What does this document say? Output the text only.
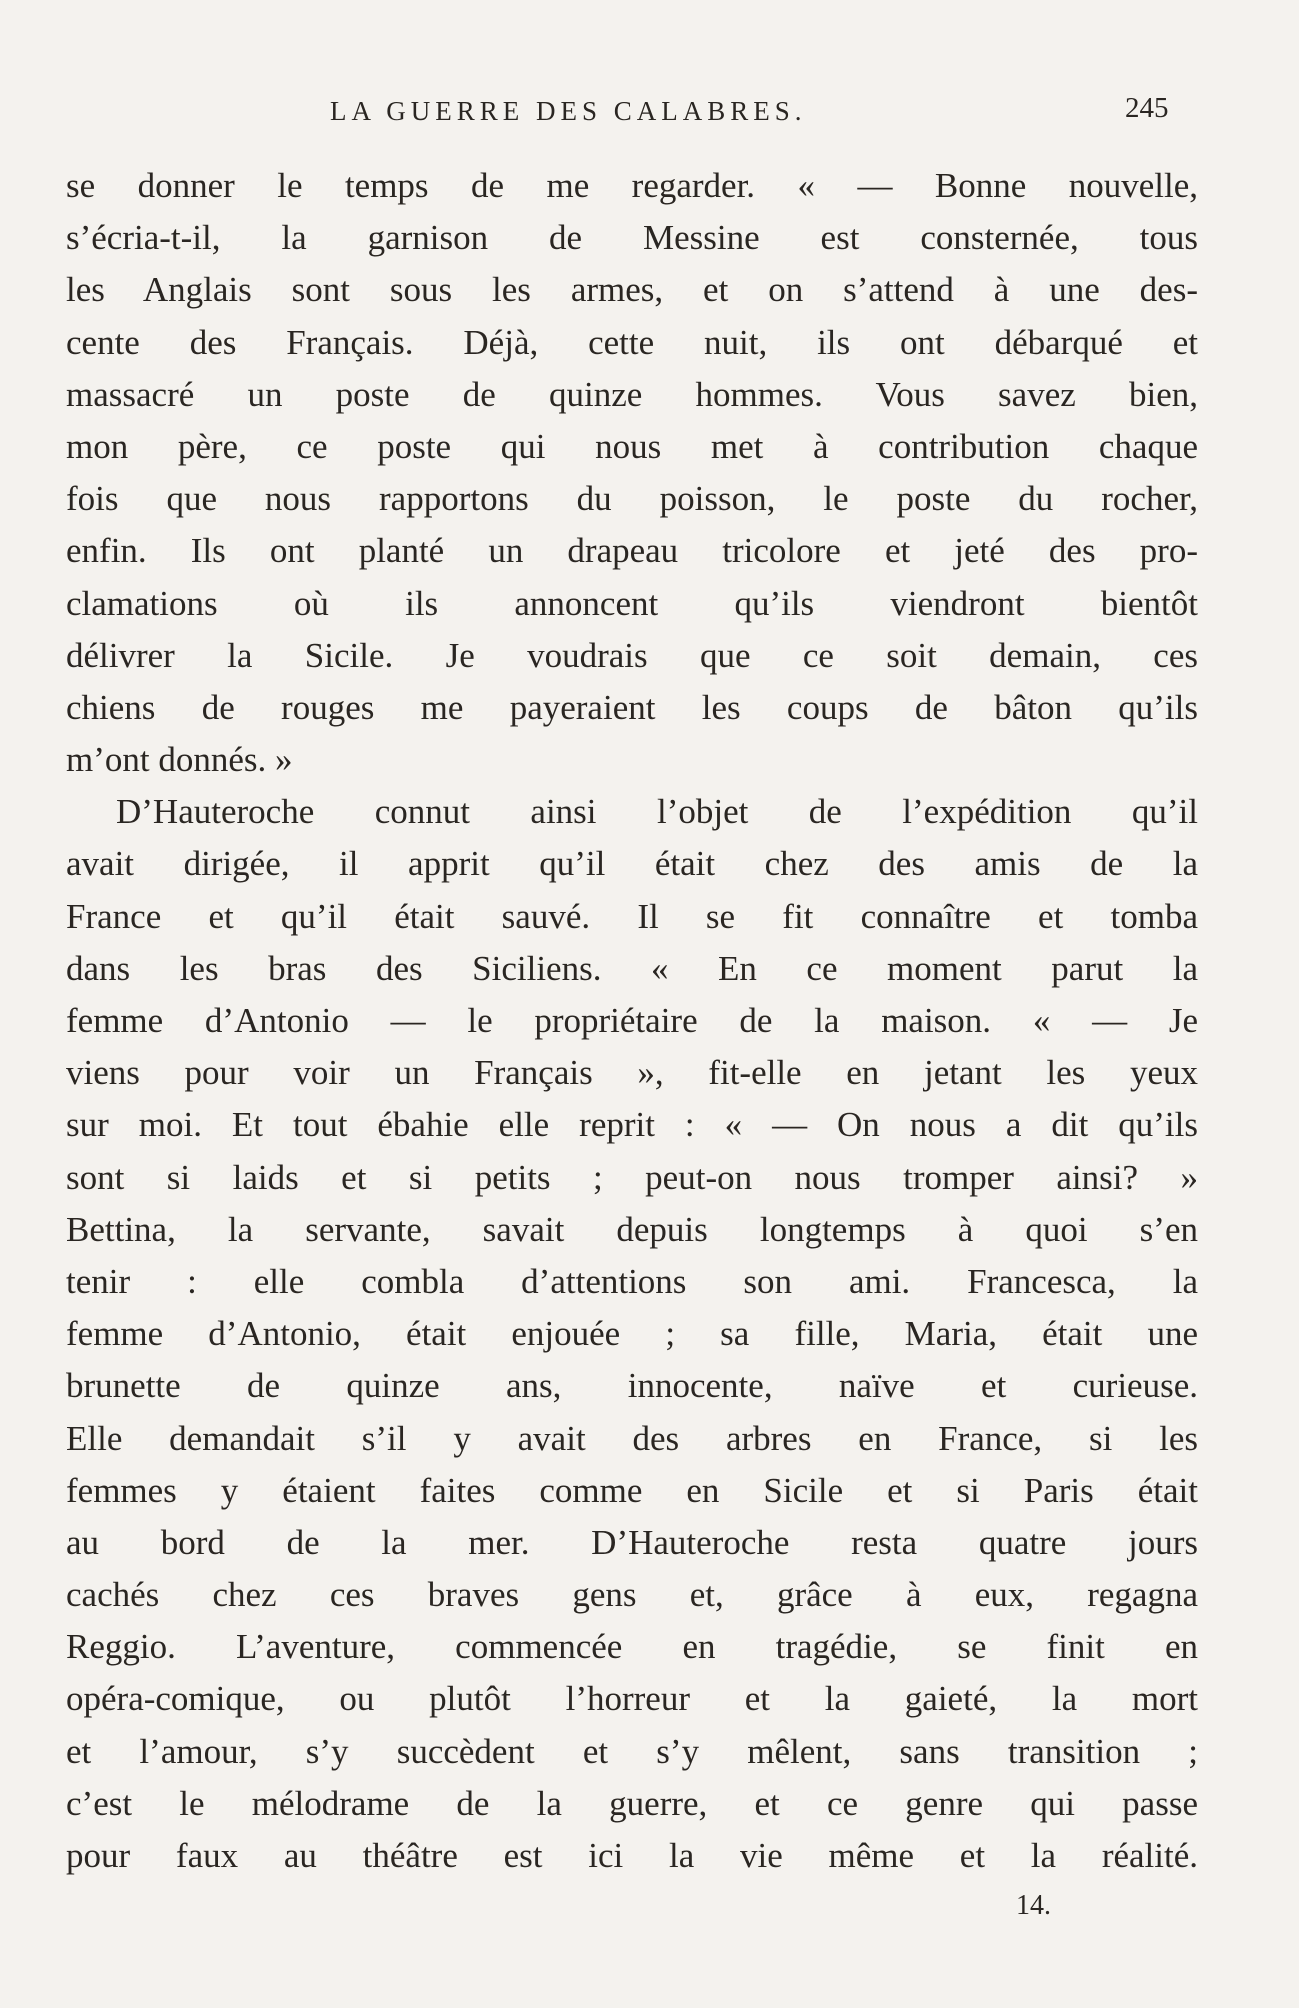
LA GUERRE DES CALABRES.	245
se donner le temps de me regarder. « — Bonne nouvelle,
s’écria-t-il, la garnison de Messine est consternée, tous
les Anglais sont sous les armes, et on s’attend à une des-
cente des Français. Déjà, cette nuit, ils ont débarqué et
massacré un poste de quinze hommes. Vous savez bien,
mon père, ce poste qui nous met à contribution chaque
fois que nous rapportons du poisson, le poste du rocher,
enfin. Ils ont planté un drapeau tricolore et jeté des pro-
clamations où ils annoncent qu’ils viendront bientôt
délivrer la Sicile. Je voudrais que ce soit demain, ces
chiens de rouges me payeraient les coups de bâton qu’ils
m’ont donnés. »
D’Hauteroche connut ainsi l’objet de l’expédition qu’il
avait dirigée, il apprit qu’il était chez des amis de la
France et qu’il était sauvé. Il se fit connaître et tomba
dans les bras des Siciliens. « En ce moment parut la
femme d’Antonio — le propriétaire de la maison. « — Je
viens pour voir un Français », fit-elle en jetant les yeux
sur moi. Et tout ébahie elle reprit : « — On nous a dit qu’ils
sont si laids et si petits ; peut-on nous tromper ainsi? »
Bettina, la servante, savait depuis longtemps à quoi s’en
tenir : elle combla d’attentions son ami. Francesca, la
femme d’Antonio, était enjouée ; sa fille, Maria, était une
brunette de quinze ans, innocente, naïve et curieuse.
Elle demandait s’il y avait des arbres en France, si les
femmes y étaient faites comme en Sicile et si Paris était
au bord de la mer. D’Hauteroche resta quatre jours
cachés chez ces braves gens et, grâce à eux, regagna
Reggio. L’aventure, commencée en tragédie, se finit en
opéra-comique, ou plutôt l’horreur et la gaieté, la mort
et l’amour, s’y succèdent et s’y mêlent, sans transition ;
c’est le mélodrame de la guerre, et ce genre qui passe
pour faux au théâtre est ici la vie même et la réalité.
14.
